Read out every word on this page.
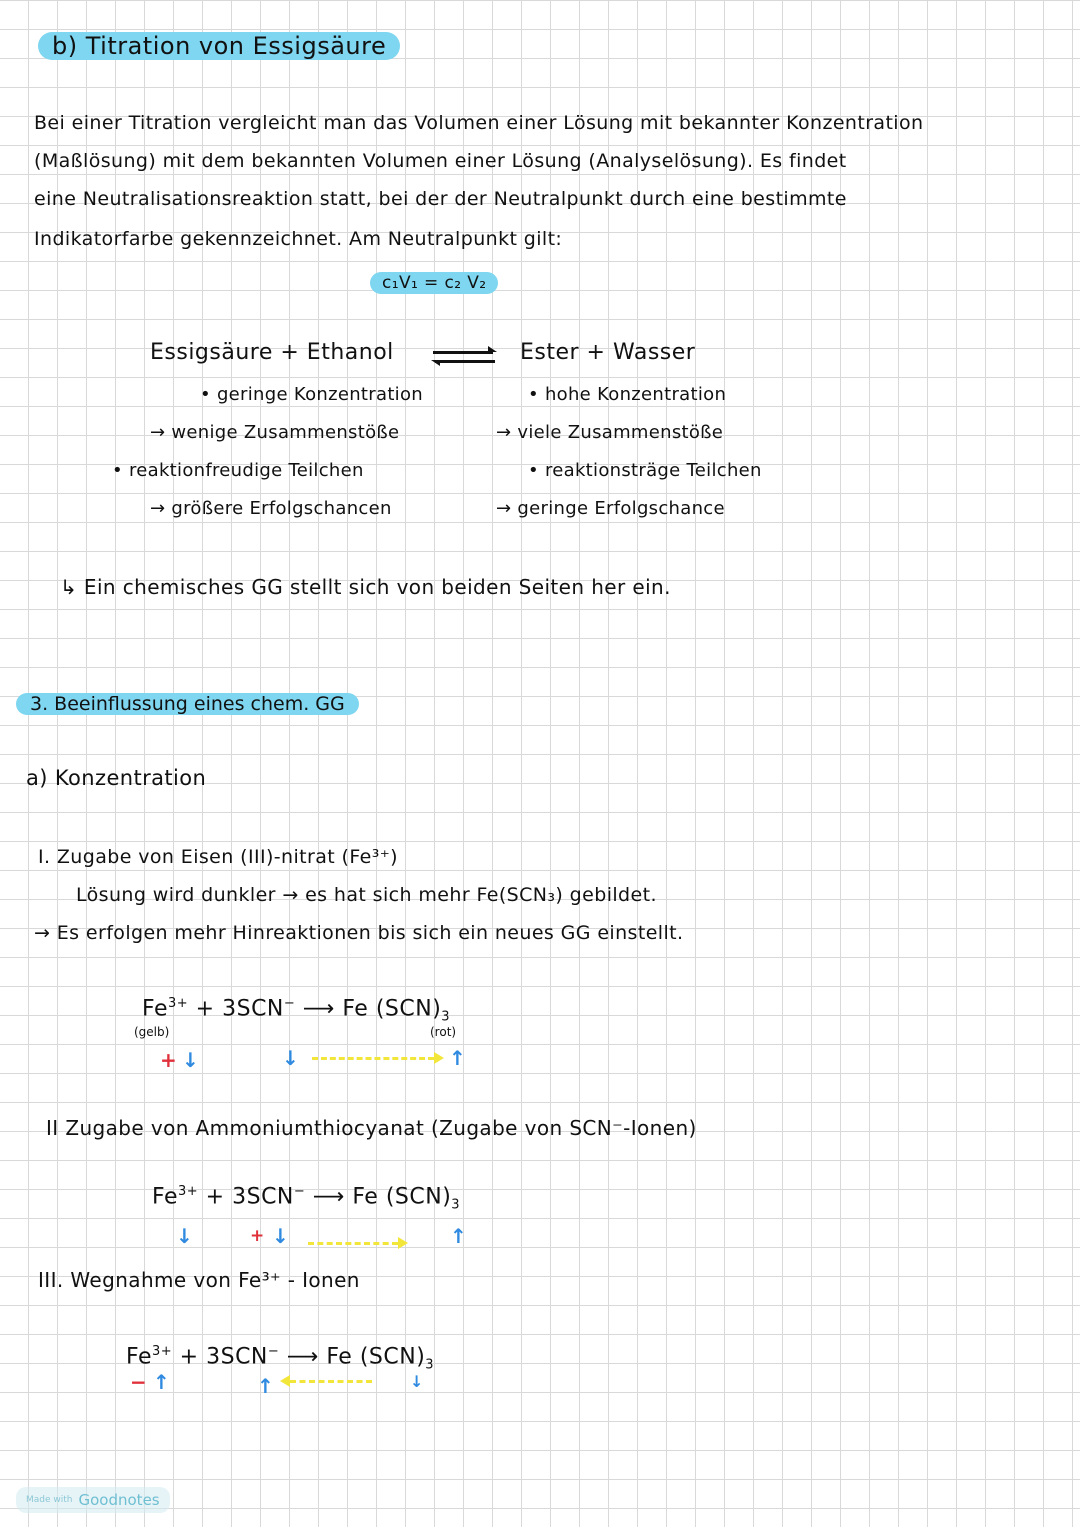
b) Titration von Essigsäure
Bei einer Titration vergleicht man das Volumen einer Lösung mit bekannter Konzentration
(Maßlösung) mit dem bekannten Volumen einer Lösung (Analyselösung). Es findet
eine Neutralisationsreaktion statt, bei der der Neutralpunkt durch eine bestimmte
Indikatorfarbe gekennzeichnet. Am Neutralpunkt gilt:
c₁V₁ = c₂ V₂
Essigsäure + Ethanol ⇌ Ester + Wasser
• geringe Konzentration
→ wenige Zusammenstöße
• reaktionfreudige Teilchen
→ größere Erfolgschancen
• hohe Konzentration
→ viele Zusammenstöße
• reaktionsträge Teilchen
→ geringe Erfolgschance
↳ Ein chemisches GG stellt sich von beiden Seiten her ein.
3. Beeinflussung eines chem. GG
a) Konzentration
I. Zugabe von Eisen (III)-nitrat (Fe³⁺)
Lösung wird dunkler → es hat sich mehr Fe(SCN₃) gebildet.
→ Es erfolgen mehr Hinreaktionen bis sich ein neues GG einstellt.
$Fe^{3+} + 3SCN^-$ ⟶ Fe $(SCN)_3$
(gelb)	(rot)
+ ↓	↓	↑
II Zugabe von Ammoniumthiocyanat (Zugabe von SCN⁻-Ionen)
$Fe^{3+} + 3SCN^-$ ⟶ Fe $(SCN)_3$
↓	+ ↓	↑
III. Wegnahme von Fe³⁺ - Ionen
$Fe^{3+} + 3SCN^-$ ⟶ Fe $(SCN)_3$
− ↑	↑	↓
Made with Goodnotes
